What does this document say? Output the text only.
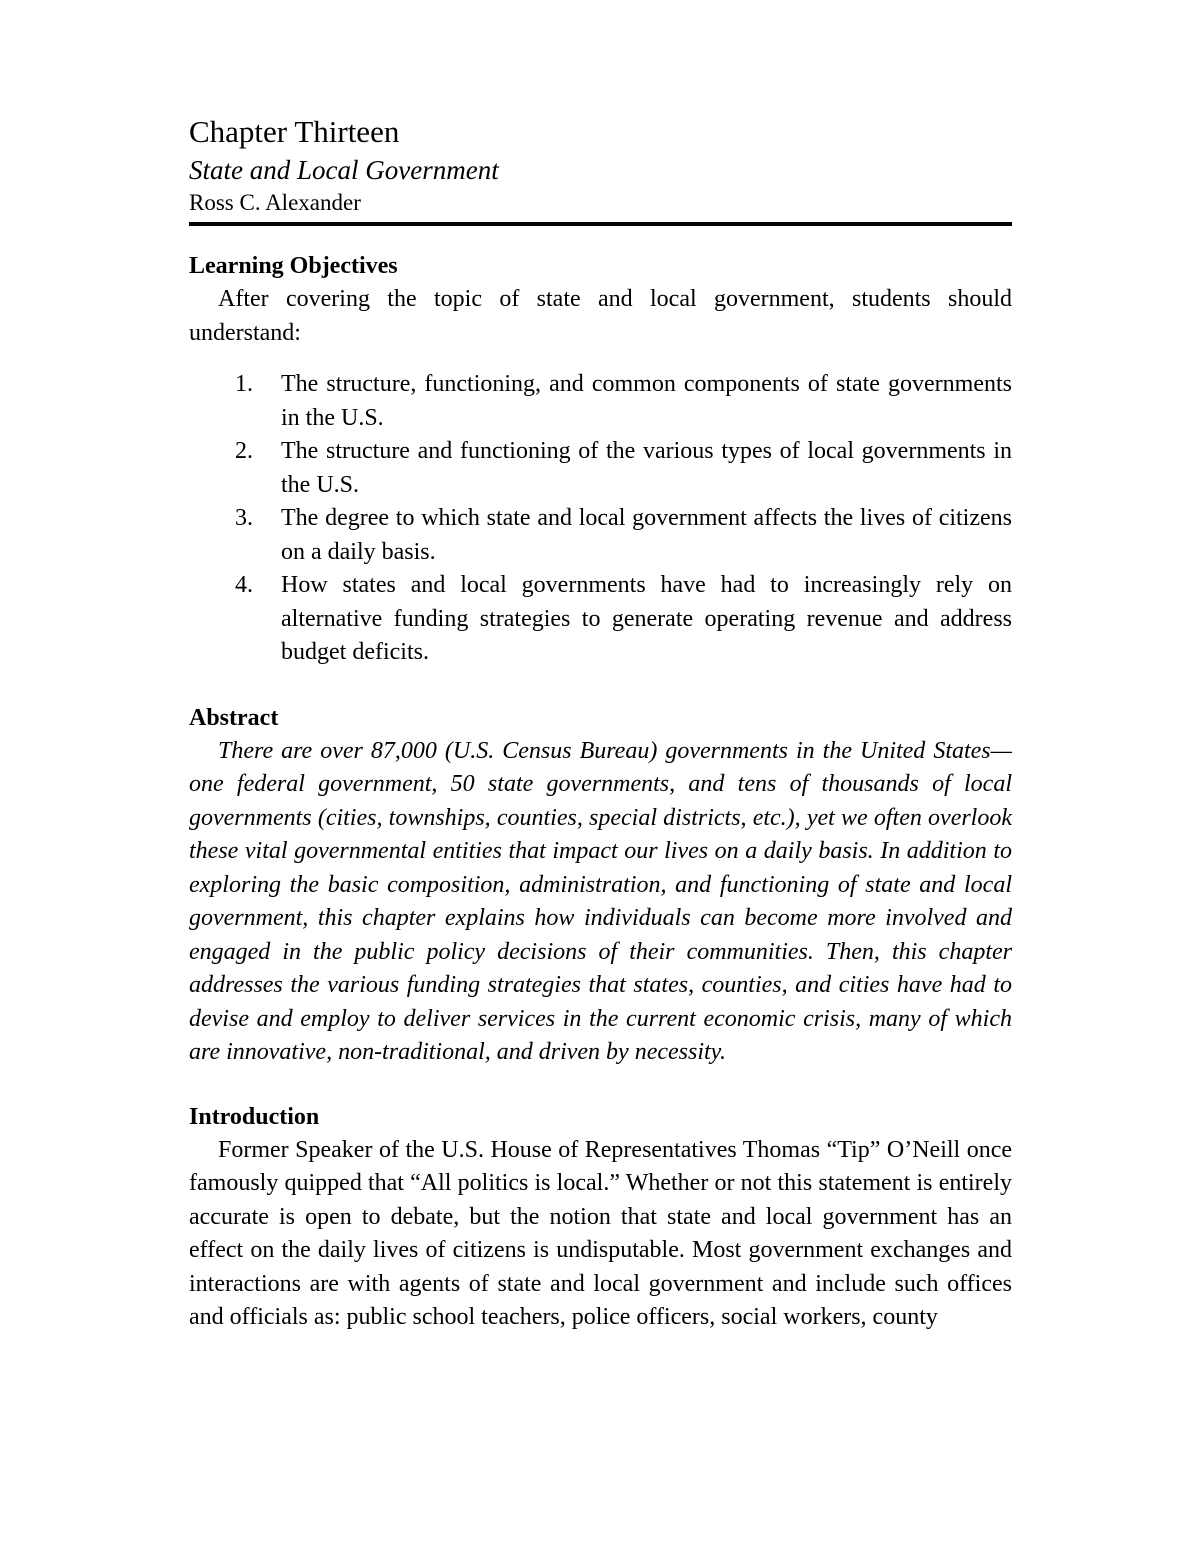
Chapter Thirteen

State and Local Government

Ross C. Alexander

Learning Objectives

After covering the topic of state and local government, students should understand:

1. The structure, functioning, and common components of state governments in the U.S.
2. The structure and functioning of the various types of local governments in the U.S.
3. The degree to which state and local government affects the lives of citizens on a daily basis.
4. How states and local governments have had to increasingly rely on alternative funding strategies to generate operating revenue and address budget deficits.

Abstract

There are over 87,000 (U.S. Census Bureau) governments in the United States—one federal government, 50 state governments, and tens of thousands of local governments (cities, townships, counties, special districts, etc.), yet we often overlook these vital governmental entities that impact our lives on a daily basis. In addition to exploring the basic composition, administration, and functioning of state and local government, this chapter explains how individuals can become more involved and engaged in the public policy decisions of their communities. Then, this chapter addresses the various funding strategies that states, counties, and cities have had to devise and employ to deliver services in the current economic crisis, many of which are innovative, non-traditional, and driven by necessity.

Introduction

Former Speaker of the U.S. House of Representatives Thomas “Tip” O’Neill once famously quipped that “All politics is local.” Whether or not this statement is entirely accurate is open to debate, but the notion that state and local government has an effect on the daily lives of citizens is undisputable. Most government exchanges and interactions are with agents of state and local government and include such offices and officials as: public school teachers, police officers, social workers, county
